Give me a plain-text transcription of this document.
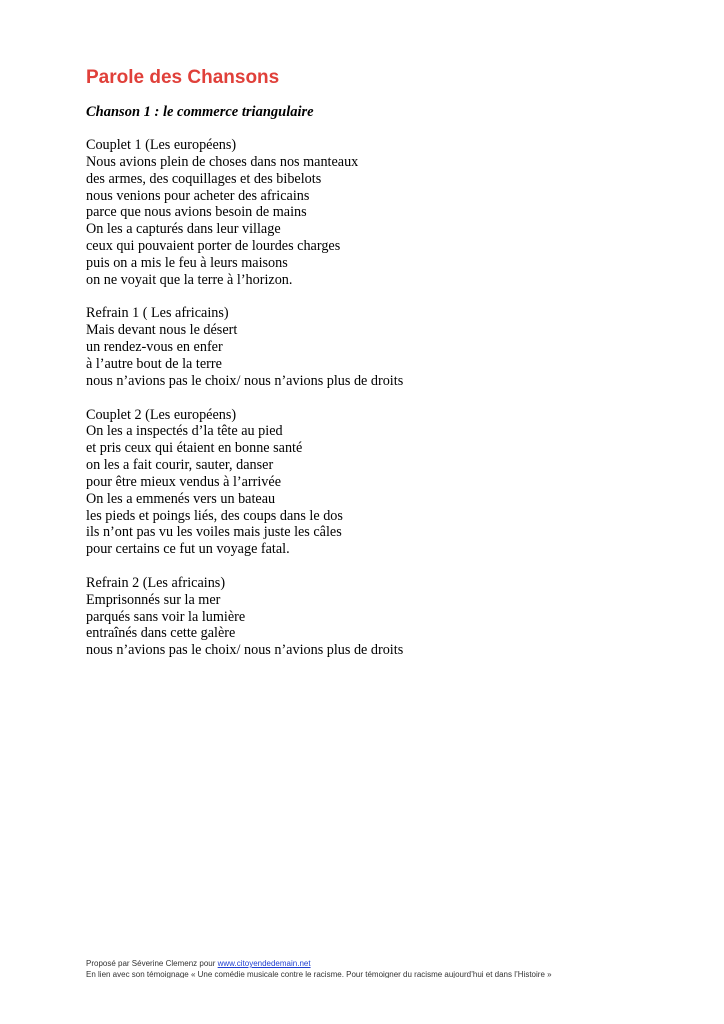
Parole des Chansons
Chanson 1 : le commerce triangulaire
Couplet 1 (Les européens)
Nous avions plein de choses dans nos manteaux
des armes, des coquillages et des bibelots
nous venions pour acheter des africains
parce que nous avions besoin de mains
On les a capturés dans leur village
ceux qui pouvaient porter de lourdes charges
puis on a mis le feu à leurs maisons
on ne voyait que la terre à l’horizon.
Refrain 1 ( Les africains)
Mais devant nous le désert
un rendez-vous en enfer
à l’autre bout de la terre
nous n’avions pas le choix/ nous n’avions plus de droits
Couplet 2 (Les européens)
On les a inspectés d’la tête au pied
et pris ceux qui étaient en bonne santé
on les a fait courir, sauter, danser
pour être mieux vendus à l’arrivée
On les a emmenés vers un bateau
les pieds et poings liés, des coups dans le dos
ils n’ont pas vu les voiles mais juste les câles
pour certains ce fut un voyage fatal.
Refrain 2 (Les africains)
Emprisonnés sur la mer
parqués sans voir la lumière
entraînés dans cette galère
nous n’avions pas le choix/ nous n’avions plus de droits
Proposé par Séverine Clemenz pour www.citoyendedemain.net
En lien avec son témoignage « Une comédie musicale contre le racisme. Pour témoigner du racisme aujourd’hui et dans l’Histoire »
